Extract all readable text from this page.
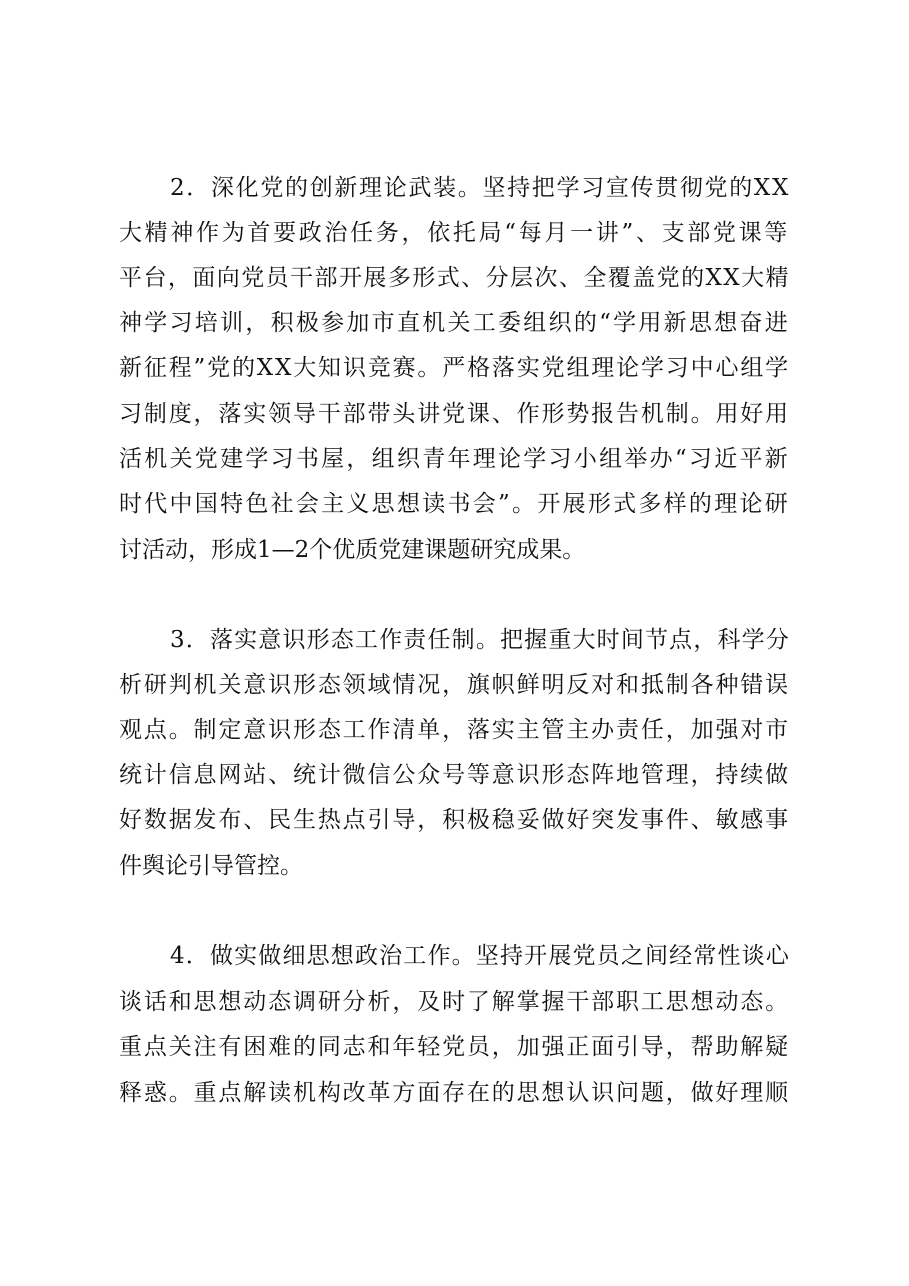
2．深化党的创新理论武装。坚持把学习宣传贯彻党的XX
大精神作为首要政治任务，依托局“每月一讲”、支部党课等
平台，面向党员干部开展多形式、分层次、全覆盖党的XX大精
神学习培训，积极参加市直机关工委组织的“学用新思想奋进
新征程”党的XX大知识竞赛。严格落实党组理论学习中心组学
习制度，落实领导干部带头讲党课、作形势报告机制。用好用
活机关党建学习书屋，组织青年理论学习小组举办“习近平新
时代中国特色社会主义思想读书会”。开展形式多样的理论研
讨活动，形成1—2个优质党建课题研究成果。
3．落实意识形态工作责任制。把握重大时间节点，科学分
析研判机关意识形态领域情况，旗帜鲜明反对和抵制各种错误
观点。制定意识形态工作清单，落实主管主办责任，加强对市
统计信息网站、统计微信公众号等意识形态阵地管理，持续做
好数据发布、民生热点引导，积极稳妥做好突发事件、敏感事
件舆论引导管控。
4．做实做细思想政治工作。坚持开展党员之间经常性谈心
谈话和思想动态调研分析，及时了解掌握干部职工思想动态。
重点关注有困难的同志和年轻党员，加强正面引导，帮助解疑
释惑。重点解读机构改革方面存在的思想认识问题，做好理顺
